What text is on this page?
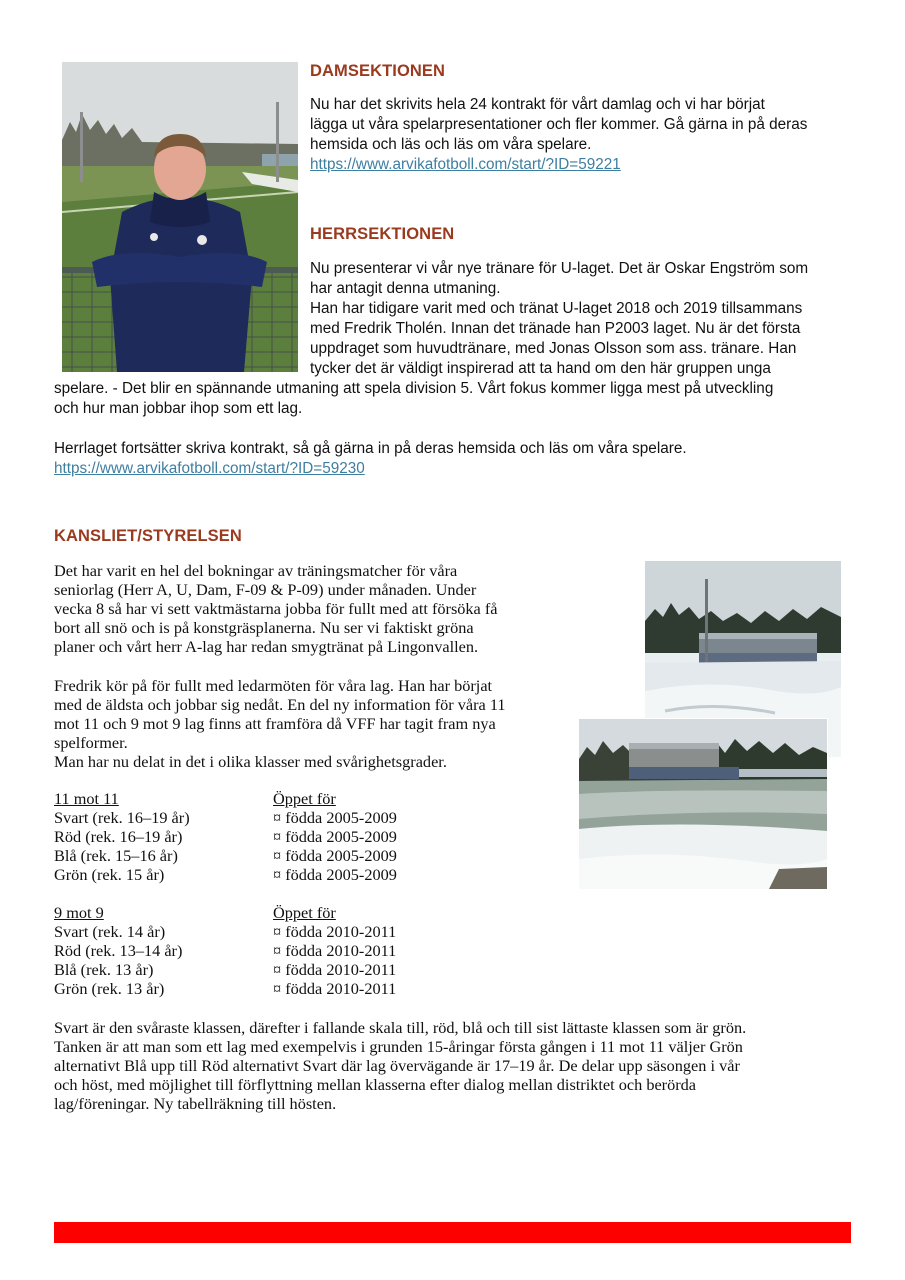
DAMSEKTIONEN

Nu har det skrivits hela 24 kontrakt för vårt damlag och vi har börjat

lägga ut våra spelarpresentationer och fler kommer. Gå gärna in på deras

hemsida och läs och läs om våra spelare.

https://www.arvikafotboll.com/start/?ID=59221

HERRSEKTIONEN

Nu presenterar vi vår nye tränare för U-laget. Det är Oskar Engström som

har antagit denna utmaning.

Han har tidigare varit med och tränat U-laget 2018 och 2019 tillsammans

med Fredrik Tholén. Innan det tränade han P2003 laget. Nu är det första

uppdraget som huvudtränare, med Jonas Olsson som ass. tränare. Han

tycker det är väldigt inspirerad att ta hand om den här gruppen unga

spelare. - Det blir en spännande utmaning att spela division 5. Vårt fokus kommer ligga mest på utveckling

och hur man jobbar ihop som ett lag.

Herrlaget fortsätter skriva kontrakt, så gå gärna in på deras hemsida och läs om våra spelare.

https://www.arvikafotboll.com/start/?ID=59230

KANSLIET/STYRELSEN

Det har varit en hel del bokningar av träningsmatcher för våra

seniorlag (Herr A, U, Dam, F-09 & P-09) under månaden. Under

vecka 8 så har vi sett vaktmästarna jobba för fullt med att försöka få

bort all snö och is på konstgräsplanerna. Nu ser vi faktiskt gröna

planer och vårt herr A-lag har redan smygtränat på Lingonvallen.

Fredrik kör på för fullt med ledarmöten för våra lag. Han har börjat

med de äldsta och jobbar sig nedåt. En del ny information för våra 11

mot 11 och 9 mot 9 lag finns att framföra då VFF har tagit fram nya

spelformer.

Man har nu delat in det i olika klasser med svårighetsgrader.

11 mot 11	Öppet för
Svart (rek. 16–19 år)	¤ födda 2005-2009
Röd (rek. 16–19 år)	¤ födda 2005-2009
Blå (rek. 15–16 år)	¤ födda 2005-2009
Grön (rek. 15 år)	¤ födda 2005-2009
9 mot 9	Öppet för
Svart (rek. 14 år)	¤ födda 2010-2011
Röd (rek. 13–14 år)	¤ födda 2010-2011
Blå (rek. 13 år)	¤ födda 2010-2011
Grön (rek. 13 år)	¤ födda 2010-2011

Svart är den svåraste klassen, därefter i fallande skala till, röd, blå och till sist lättaste klassen som är grön.

Tanken är att man som ett lag med exempelvis i grunden 15-åringar första gången i 11 mot 11 väljer Grön

alternativt Blå upp till Röd alternativt Svart där lag övervägande är 17–19 år. De delar upp säsongen i vår

och höst, med möjlighet till förflyttning mellan klasserna efter dialog mellan distriktet och berörda

lag/föreningar. Ny tabellräkning till hösten.
